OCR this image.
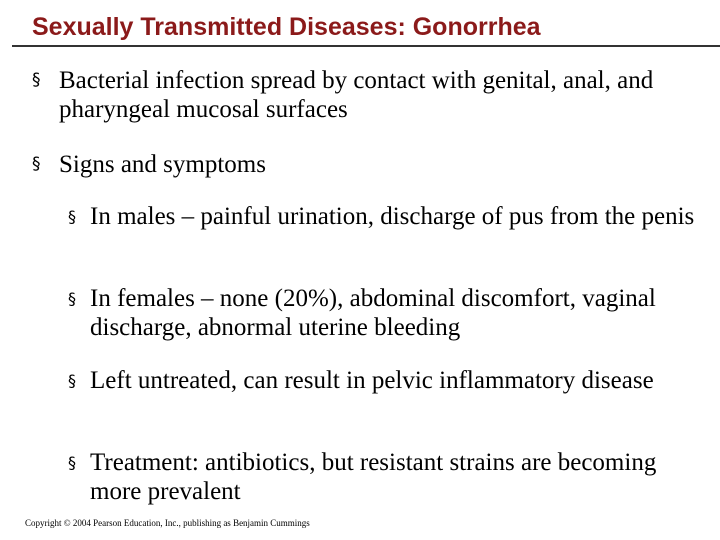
Sexually Transmitted Diseases: Gonorrhea
§ Bacterial infection spread by contact with genital, anal, and pharyngeal mucosal surfaces
§ Signs and symptoms
§ In males – painful urination, discharge of pus from the penis
§ In females – none (20%), abdominal discomfort, vaginal discharge, abnormal uterine bleeding
§ Left untreated, can result in pelvic inflammatory disease
§ Treatment: antibiotics, but resistant strains are becoming more prevalent
Copyright © 2004 Pearson Education, Inc., publishing as Benjamin Cummings
